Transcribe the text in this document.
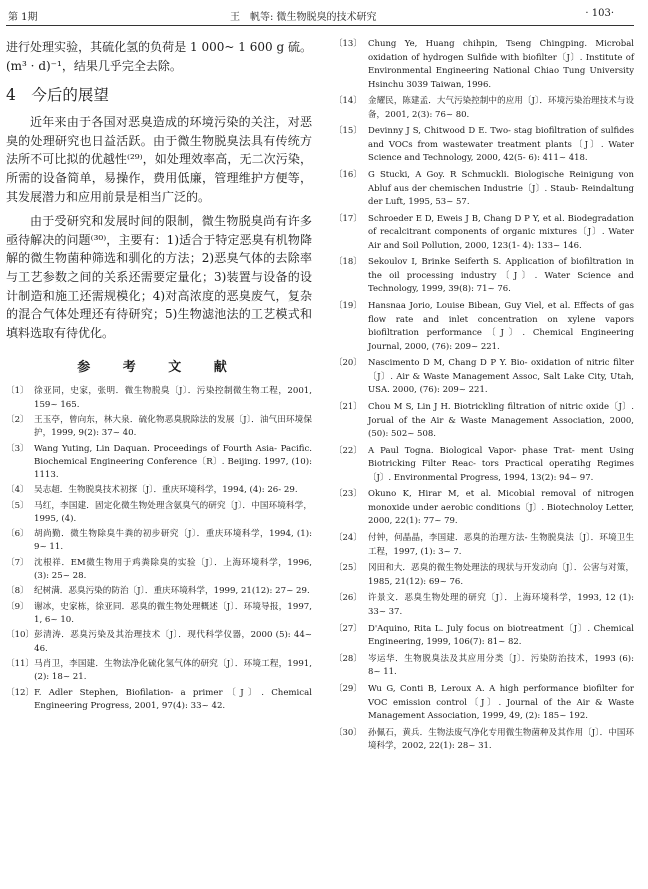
第 1期	王　帆等: 微生物脱臭的技术研究	· 103·

进行处理实验，其硫化氢的负荷是 1 000~ 1 600 g 硫。(m³ · d)⁻¹，结果几乎完全去除。

4　今后的展望

近年来由于各国对恶臭造成的环境污染的关注，对恶臭的处理研究也日益活跃。由于微生物脱臭法具有传统方法所不可比拟的优越性⁽²⁹⁾，如处理效率高，无二次污染，所需的设备简单，易操作，费用低廉，管理维护方便等，其发展潜力和应用前景是相当广泛的。

由于受研究和发展时间的限制，微生物脱臭尚有许多亟待解决的问题⁽³⁰⁾，主要有：1)适合于特定恶臭有机物降解的微生物菌种筛选和驯化的方法；2)恶臭气体的去除率与工艺参数之间的关系还需要定量化；3)装置与设备的设计制造和施工还需规模化；4)对高浓度的恶臭废气，复杂的混合气体处理还有待研究；5)生物滤池法的工艺模式和填料选取有待优化。

参 考 文 献
〔1〕 徐亚同，史家，张明．微生物脱臭〔J〕．污染控制微生物工程，2001, 159~ 165.
〔2〕 王玉亭，曾向东，林大泉．硫化物恶臭脱除法的发展〔J〕．油气田环境保护，1999, 9(2): 37~ 40.
〔3〕 Wang Yuting, Lin Daquan. Proceedings of Fourth Asia- Pacific. Biochemical Engineering Conference〔R〕. Beijing. 1997, (10): 1113.
〔4〕 吴志超．生物脱臭技术初探〔J〕．重庆环境科学，1994, (4): 26- 29.
〔5〕 马红，李国建．固定化微生物处理含氨臭气的研究〔J〕．中国环境科学，1995, (4).
〔6〕 胡尚勤．微生物除臭牛粪的初步研究〔J〕．重庆环境科学，1994, (1): 9~ 11.
〔7〕 沈根祥．EM微生物用于鸡粪除臭的实验〔J〕．上海环境科学，1996, (3): 25~ 28.
〔8〕 纪树满．恶臭污染的防治〔J〕．重庆环境科学，1999, 21(12): 27~ 29.
〔9〕 谢冰，史家栋，徐亚同．恶臭的微生物处理概述〔J〕．环境导报，1997, 1, 6~ 10.
〔10〕 彭清涛．恶臭污染及其治理技术〔J〕．现代科学仪器，2000 (5): 44~ 46.
〔11〕 马肖卫，李国建．生物法净化硫化氢气体的研究〔J〕．环境工程，1991, (2): 18~ 21.
〔12〕 F. Adler Stephen, Biofilation- a primer〔J〕. Chemical Engineering Progress, 2001, 97(4): 33~ 42.
〔13〕 Chung Ye, Huang chihpin, Tseng Chingping. Microbal oxidation of hydrogen Sulfide with biofilter〔J〕. Institute of Environmental Engineering National Chiao Tung University Hsinchu 3039 Taiwan, 1996.
〔14〕 金耀民，陈建孟．大气污染控制中的应用〔J〕．环境污染治理技术与设备，2001, 2(3): 76~ 80.
〔15〕 Devinny J S, Chitwood D E. Two- stag biofiltration of sulfides and VOCs from wastewater treatment plants〔J〕. Water Science and Technology, 2000, 42(5- 6): 411~ 418.
〔16〕 G Stucki, A Goy. R Schmuckli. Biologische Reinigung von Abluf aus der chemischen Industrie〔J〕. Staub- Reindaltung der Luft, 1995, 53~ 57.
〔17〕 Schroeder E D, Eweis J B, Chang D P Y, et al. Biodegradation of recalcitrant components of organic mixtures〔J〕. Water Air and Soil Pollution, 2000, 123(1- 4): 133~ 146.
〔18〕 Sekoulov I, Brinke Seiferth S. Application of biofiltration in the oil processing industry〔J〕. Water Science and Technology, 1999, 39(8): 71~ 76.
〔19〕 Hansnaa Jorio, Louise Bibean, Guy Viel, et al. Effects of gas flow rate and inlet concentration on xylene vapors biofiltration performance〔J〕. Chemical Engineering Journal, 2000, (76): 209~ 221.
〔20〕 Nascimento D M, Chang D P Y. Bio- oxidation of nitric filter〔J〕. Air & Waste Management Assoc, Salt Lake City, Utah, USA. 2000, (76): 209~ 221.
〔21〕 Chou M S, Lin J H. Biotrickling filtration of nitric oxide〔J〕. Jorual of the Air & Waste Management Association, 2000, (50): 502~ 508.
〔22〕 A Paul Togna. Biological Vapor- phase Trat- ment Using Biotricking Filter Reac- tors Practical operatihg Regimes〔J〕. Environmental Progress, 1994, 13(2): 94~ 97.
〔23〕 Okuno K, Hirar M, et al. Micobial removal of nitrogen monoxide under aerobic conditions〔J〕. Biotechnoloy Letter, 2000, 22(1): 77~ 79.
〔24〕 付钟，何晶晶，李国建．恶臭的治理方法- 生物脱臭法〔J〕．环境卫生工程，1997, (1): 3~ 7.
〔25〕 冈田和大．恶臭的微生物处理法的现状与开发动向〔J〕．公害与对策，1985, 21(12): 69~ 76.
〔26〕 许景文．恶臭生物处理的研究〔J〕．上海环境科学，1993, 12 (1): 33~ 37.
〔27〕 D'Aquino, Rita L. July focus on biotreatment〔J〕. Chemical Engineering, 1999, 106(7): 81~ 82.
〔28〕 岑运华．生物脱臭法及其应用分类〔J〕．污染防治技术，1993 (6): 8~ 11.
〔29〕 Wu G, Conti B, Leroux A. A high performance biofilter for VOC emission control〔J〕. Journal of the Air & Waste Management Association, 1999, 49, (2): 185~ 192.
〔30〕 孙佩石，黄兵．生物法废气净化专用微生物菌种及其作用〔J〕．中国环境科学，2002, 22(1): 28~ 31.
